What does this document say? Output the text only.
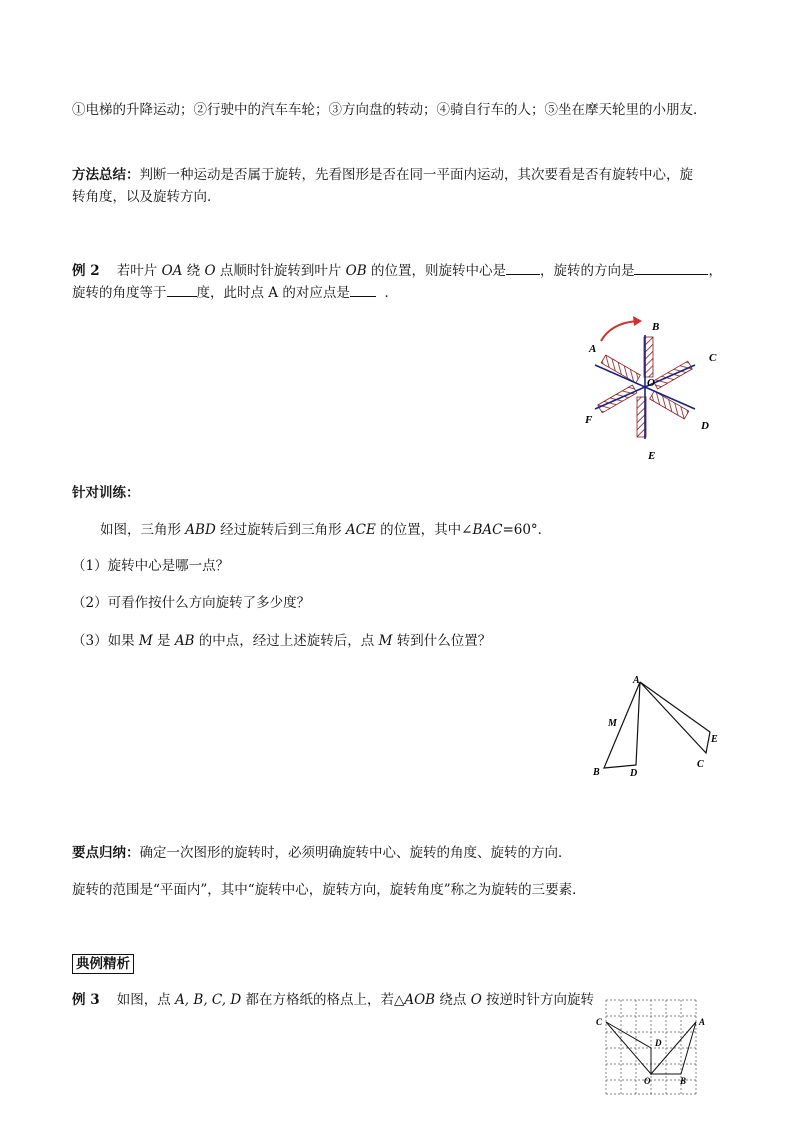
①电梯的升降运动；②行驶中的汽车车轮；③方向盘的转动；④骑自行车的人；⑤坐在摩天轮里的小朋友．
方法总结：判断一种运动是否属于旋转，先看图形是否在同一平面内运动，其次要看是否有旋转中心，旋
转角度，以及旋转方向．
例 2 若叶片 OA 绕 O 点顺时针旋转到叶片 OB 的位置，则旋转中心是	，旋转的方向是	，
旋转的角度等于 度，此时点 A 的对应点是	．
A
B
C
D
E
F
O
针对训练：
如图，三角形 ABD 经过旋转后到三角形 ACE 的位置，其中∠BAC=60°．
（1）旋转中心是哪一点？
（2）可看作按什么方向旋转了多少度？
（3）如果 M 是 AB 的中点，经过上述旋转后，点 M 转到什么位置？
A
B	D
C
E
M
要点归纳：确定一次图形的旋转时，必须明确旋转中心、旋转的角度、旋转的方向．
旋转的范围是“平面内”，其中“旋转中心，旋转方向，旋转角度”称之为旋转的三要素．
典例精析
例 3 如图，点 A, B, C, D 都在方格纸的格点上，若△AOB 绕点 O 按逆时针方向旋转
C	A
D
O	B
